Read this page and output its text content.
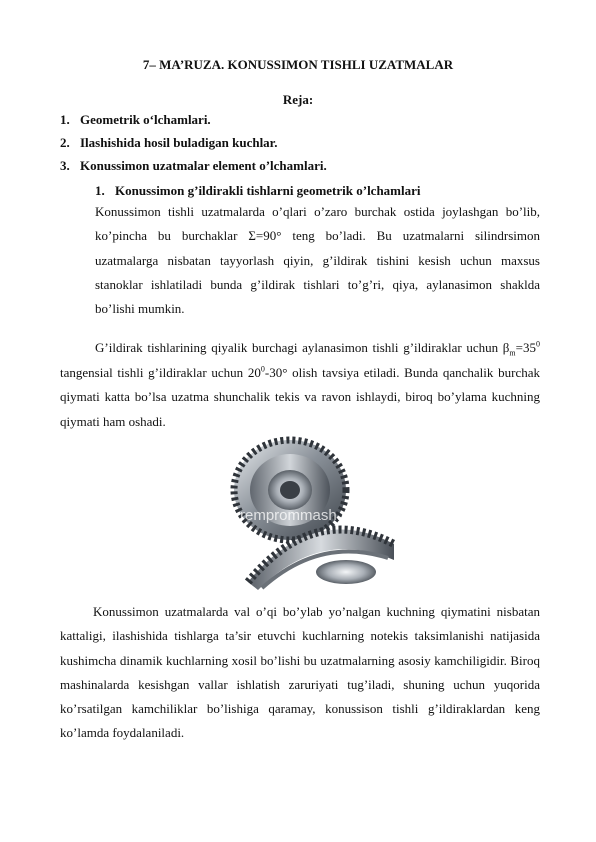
7– MA’RUZA. KONUSSIMON TISHLI UZATMALAR
Reja:
1. Geometrik o‘lchamlari.
2. Ilashishida hosil buladigan kuchlar.
3. Konussimon uzatmalar element o’lchamlari.
1. Konussimon g’ildirakli tishlarni geometrik o’lchamlari
Konussimon tishli uzatmalarda o’qlari o’zaro burchak ostida joylashgan bo’lib, ko’pincha bu burchaklar Σ=90° teng bo’ladi. Bu uzatmalarni silindrsimon uzatmalarga nisbatan tayyorlash qiyin, g’ildirak tishini kesish uchun maxsus stanoklar ishlatiladi bunda g’ildirak tishlari to’g’ri, qiya, aylanasimon shaklda bo’lishi mumkin.
G’ildirak tishlarining qiyalik burchagi aylanasimon tishli g’ildiraklar uchun $\beta_m=35^0$ tangensial tishli g’ildiraklar uchun $20^0-30^\circ$ olish tavsiya etiladi. Bunda qanchalik burchak qiymati katta bo’lsa uzatma shunchalik tekis va ravon ishlaydi, biroq bo’ylama kuchning qiymati ham oshadi.
remprommash.ru
Konussimon uzatmalarda val o’qi bo’ylab yo’nalgan kuchning qiymatini nisbatan kattaligi, ilashishida tishlarga ta’sir etuvchi kuchlarning notekis taksimlanishi natijasida kushimcha dinamik kuchlarning xosil bo’lishi bu uzatmalarning asosiy kamchiligidir. Biroq mashinalarda kesishgan vallar ishlatish zaruriyati tug’iladi, shuning uchun yuqorida ko’rsatilgan kamchiliklar bo’lishiga qaramay, konussison tishli g’ildiraklardan keng ko’lamda foydalaniladi.
